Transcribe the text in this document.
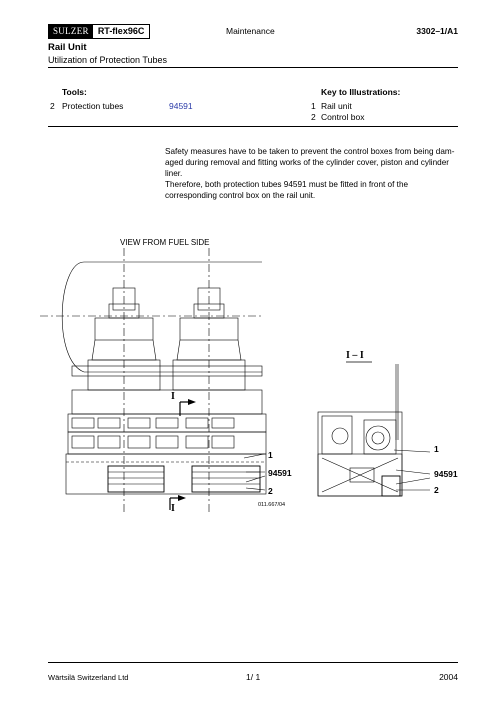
SULZER	RT-flex96C	Maintenance	3302–1/A1
Rail Unit
Utilization of Protection Tubes
Tools:	Key to Illustrations:
2 Protection tubes	94591	1 Rail unit
2 Control box

Safety measures have to be taken to prevent the control boxes from being damaged during removal and fitting works of the cylinder cover, piston and cylinder liner.

Therefore, both protection tubes 94591 must be fitted in front of the corresponding control box on the rail unit.

VIEW FROM FUEL SIDE
I
I
I – I
1
94591
2
011.667/04
1
94591
2
Wärtsilä Switzerland Ltd	1/ 1	2004
